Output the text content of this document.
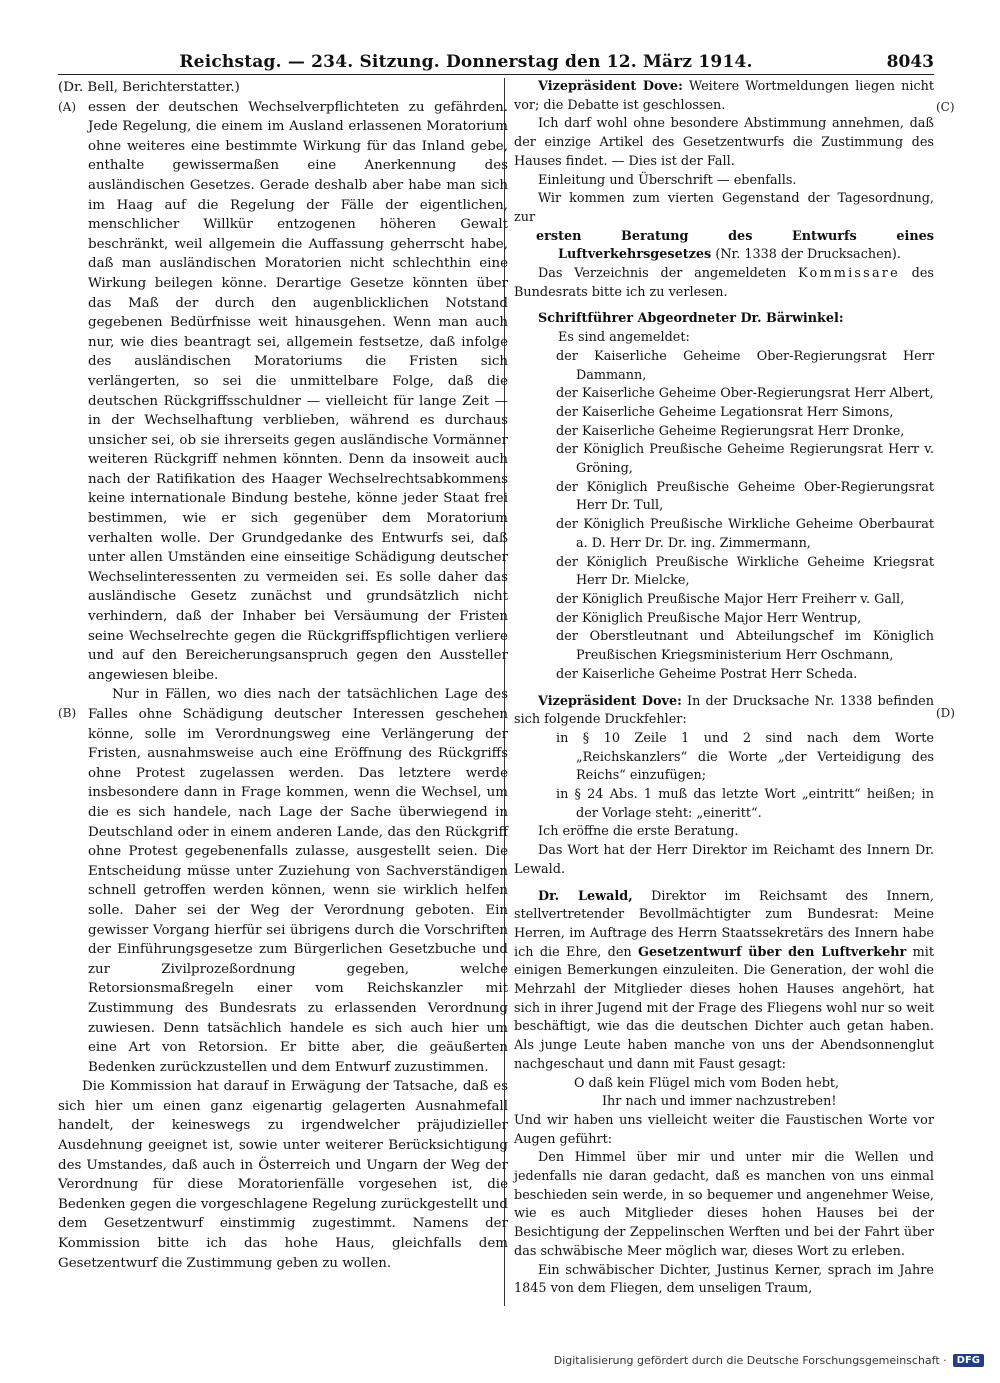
Reichstag. — 234. Sitzung. Donnerstag den 12. März 1914.	8043
(A)
(B)
(C)
(D)

(Dr. Bell, Berichterstatter.)

essen der deutschen Wechselverpflichteten zu gefährden. Jede Regelung, die einem im Ausland erlassenen Moratorium ohne weiteres eine bestimmte Wirkung für das Inland gebe, enthalte gewissermaßen eine Anerkennung des ausländischen Gesetzes. Gerade deshalb aber habe man sich im Haag auf die Regelung der Fälle der eigentlichen, menschlicher Willkür entzogenen höheren Gewalt beschränkt, weil allgemein die Auffassung geherrscht habe, daß man ausländischen Moratorien nicht schlechthin eine Wirkung beilegen könne. Derartige Gesetze könnten über das Maß der durch den augenblicklichen Notstand gegebenen Bedürfnisse weit hinausgehen. Wenn man auch nur, wie dies beantragt sei, allgemein festsetze, daß infolge des ausländischen Moratoriums die Fristen sich verlängerten, so sei die unmittelbare Folge, daß die deutschen Rückgriffsschuldner — vielleicht für lange Zeit — in der Wechselhaftung verblieben, während es durchaus unsicher sei, ob sie ihrerseits gegen ausländische Vormänner weiteren Rückgriff nehmen könnten. Denn da insoweit auch nach der Ratifikation des Haager Wechselrechtsabkommens keine internationale Bindung bestehe, könne jeder Staat frei bestimmen, wie er sich gegenüber dem Moratorium verhalten wolle. Der Grundgedanke des Entwurfs sei, daß unter allen Umständen eine einseitige Schädigung deutscher Wechselinteressenten zu vermeiden sei. Es solle daher das ausländische Gesetz zunächst und grundsätzlich nicht verhindern, daß der Inhaber bei Versäumung der Fristen seine Wechselrechte gegen die Rückgriffspflichtigen verliere und auf den Bereicherungsanspruch gegen den Aussteller angewiesen bleibe.

Nur in Fällen, wo dies nach der tatsächlichen Lage des Falles ohne Schädigung deutscher Interessen geschehen könne, solle im Verordnungsweg eine Verlängerung der Fristen, ausnahmsweise auch eine Eröffnung des Rückgriffs ohne Protest zugelassen werden. Das letztere werde insbesondere dann in Frage kommen, wenn die Wechsel, um die es sich handele, nach Lage der Sache überwiegend in Deutschland oder in einem anderen Lande, das den Rückgriff ohne Protest gegebenenfalls zulasse, ausgestellt seien. Die Entscheidung müsse unter Zuziehung von Sachverständigen schnell getroffen werden können, wenn sie wirklich helfen solle. Daher sei der Weg der Verordnung geboten. Ein gewisser Vorgang hierfür sei übrigens durch die Vorschriften der Einführungsgesetze zum Bürgerlichen Gesetzbuche und zur Zivilprozeßordnung gegeben, welche Retorsionsmaßregeln einer vom Reichskanzler mit Zustimmung des Bundesrats zu erlassenden Verordnung zuwiesen. Denn tatsächlich handele es sich auch hier um eine Art von Retorsion. Er bitte aber, die geäußerten Bedenken zurückzustellen und dem Entwurf zuzustimmen.

Die Kommission hat darauf in Erwägung der Tatsache, daß es sich hier um einen ganz eigenartig gelagerten Ausnahmefall handelt, der keineswegs zu irgendwelcher präjudizieller Ausdehnung geeignet ist, sowie unter weiterer Berücksichtigung des Umstandes, daß auch in Österreich und Ungarn der Weg der Verordnung für diese Moratorienfälle vorgesehen ist, die Bedenken gegen die vorgeschlagene Regelung zurückgestellt und dem Gesetzentwurf einstimmig zugestimmt. Namens der Kommission bitte ich das hohe Haus, gleichfalls dem Gesetzentwurf die Zustimmung geben zu wollen.

Vizepräsident Dove: Weitere Wortmeldungen liegen nicht vor; die Debatte ist geschlossen.

Ich darf wohl ohne besondere Abstimmung annehmen, daß der einzige Artikel des Gesetzentwurfs die Zustimmung des Hauses findet. — Dies ist der Fall.

Einleitung und Überschrift — ebenfalls.

Wir kommen zum vierten Gegenstand der Tagesordnung, zur

ersten Beratung des Entwurfs eines Luftverkehrsgesetzes (Nr. 1338 der Drucksachen).

Das Verzeichnis der angemeldeten Kommissare des Bundesrats bitte ich zu verlesen.

Schriftführer Abgeordneter Dr. Bärwinkel:

Es sind angemeldet:

der Kaiserliche Geheime Ober-Regierungsrat Herr Dammann,

der Kaiserliche Geheime Ober-Regierungsrat Herr Albert,

der Kaiserliche Geheime Legationsrat Herr Simons,

der Kaiserliche Geheime Regierungsrat Herr Dronke,

der Königlich Preußische Geheime Regierungsrat Herr v. Gröning,

der Königlich Preußische Geheime Ober-Regierungsrat Herr Dr. Tull,

der Königlich Preußische Wirkliche Geheime Oberbaurat a. D. Herr Dr. Dr. ing. Zimmermann,

der Königlich Preußische Wirkliche Geheime Kriegsrat Herr Dr. Mielcke,

der Königlich Preußische Major Herr Freiherr v. Gall,

der Königlich Preußische Major Herr Wentrup,

der Oberstleutnant und Abteilungschef im Königlich Preußischen Kriegsministerium Herr Oschmann,

der Kaiserliche Geheime Postrat Herr Scheda.

Vizepräsident Dove: In der Drucksache Nr. 1338 befinden sich folgende Druckfehler:

in § 10 Zeile 1 und 2 sind nach dem Worte „Reichskanzlers“ die Worte „der Verteidigung des Reichs“ einzufügen;

in § 24 Abs. 1 muß das letzte Wort „eintritt“ heißen; in der Vorlage steht: „eineritt“.

Ich eröffne die erste Beratung.

Das Wort hat der Herr Direktor im Reichamt des Innern Dr. Lewald.

Dr. Lewald, Direktor im Reichsamt des Innern, stellvertretender Bevollmächtigter zum Bundesrat: Meine Herren, im Auftrage des Herrn Staatssekretärs des Innern habe ich die Ehre, den Gesetzentwurf über den Luftverkehr mit einigen Bemerkungen einzuleiten. Die Generation, der wohl die Mehrzahl der Mitglieder dieses hohen Hauses angehört, hat sich in ihrer Jugend mit der Frage des Fliegens wohl nur so weit beschäftigt, wie das die deutschen Dichter auch getan haben. Als junge Leute haben manche von uns der Abendsonnenglut nachgeschaut und dann mit Faust gesagt:

O daß kein Flügel mich vom Boden hebt,

Ihr nach und immer nachzustreben!

Und wir haben uns vielleicht weiter die Faustischen Worte vor Augen geführt:

Den Himmel über mir und unter mir die Wellen und jedenfalls nie daran gedacht, daß es manchen von uns einmal beschieden sein werde, in so bequemer und angenehmer Weise, wie es auch Mitglieder dieses hohen Hauses bei der Besichtigung der Zeppelinschen Werften und bei der Fahrt über das schwäbische Meer möglich war, dieses Wort zu erleben.

Ein schwäbischer Dichter, Justinus Kerner, sprach im Jahre 1845 von dem Fliegen, dem unseligen Traum,

Digitalisierung gefördert durch die Deutsche Forschungsgemeinschaft ·	DFG
